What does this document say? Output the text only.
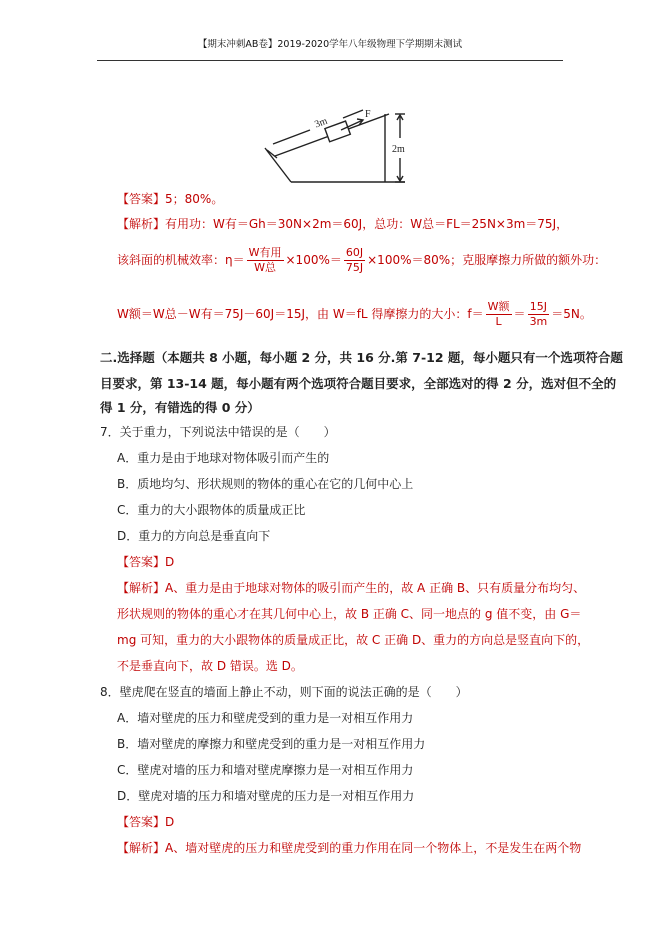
【期末冲刺AB卷】2019-2020学年八年级物理下学期期末测试
3m
F
2m
【答案】5；80%。
【解析】有用功：W有＝Gh＝30N×2m＝60J，总功：W总＝FL＝25N×3m＝75J，
该斜面的机械效率：$\eta= \frac{\text{W有用}}{\text{W总}} \times 100\%= \frac{60J}{75J} \times 100\%=80\%$；克服摩擦力所做的额外功：
W额＝W总－W有＝75J－60J＝15J，由 W＝fL 得摩擦力的大小：$f= \frac{\text{W额}}{L} = \frac{15J}{3m} =5N$。
二.选择题（本题共 8 小题，每小题 2 分，共 16 分.第 7-12 题，每小题只有一个选项符合题
目要求，第 13-14 题，每小题有两个选项符合题目要求，全部选对的得 2 分，选对但不全的
得 1 分，有错选的得 0 分）
7．关于重力，下列说法中错误的是（　　）
A．重力是由于地球对物体吸引而产生的
B．质地均匀、形状规则的物体的重心在它的几何中心上
C．重力的大小跟物体的质量成正比
D．重力的方向总是垂直向下
【答案】D
【解析】A、重力是由于地球对物体的吸引而产生的，故 A 正确 B、只有质量分布均匀、
形状规则的物体的重心才在其几何中心上，故 B 正确 C、同一地点的 g 值不变，由 G＝
mg 可知，重力的大小跟物体的质量成正比，故 C 正确 D、重力的方向总是竖直向下的，
不是垂直向下，故 D 错误。选 D。
8．壁虎爬在竖直的墙面上静止不动，则下面的说法正确的是（　　）
A．墙对壁虎的压力和壁虎受到的重力是一对相互作用力
B．墙对壁虎的摩擦力和壁虎受到的重力是一对相互作用力
C．壁虎对墙的压力和墙对壁虎摩擦力是一对相互作用力
D．壁虎对墙的压力和墙对壁虎的压力是一对相互作用力
【答案】D
【解析】A、墙对壁虎的压力和壁虎受到的重力作用在同一个物体上，不是发生在两个物
